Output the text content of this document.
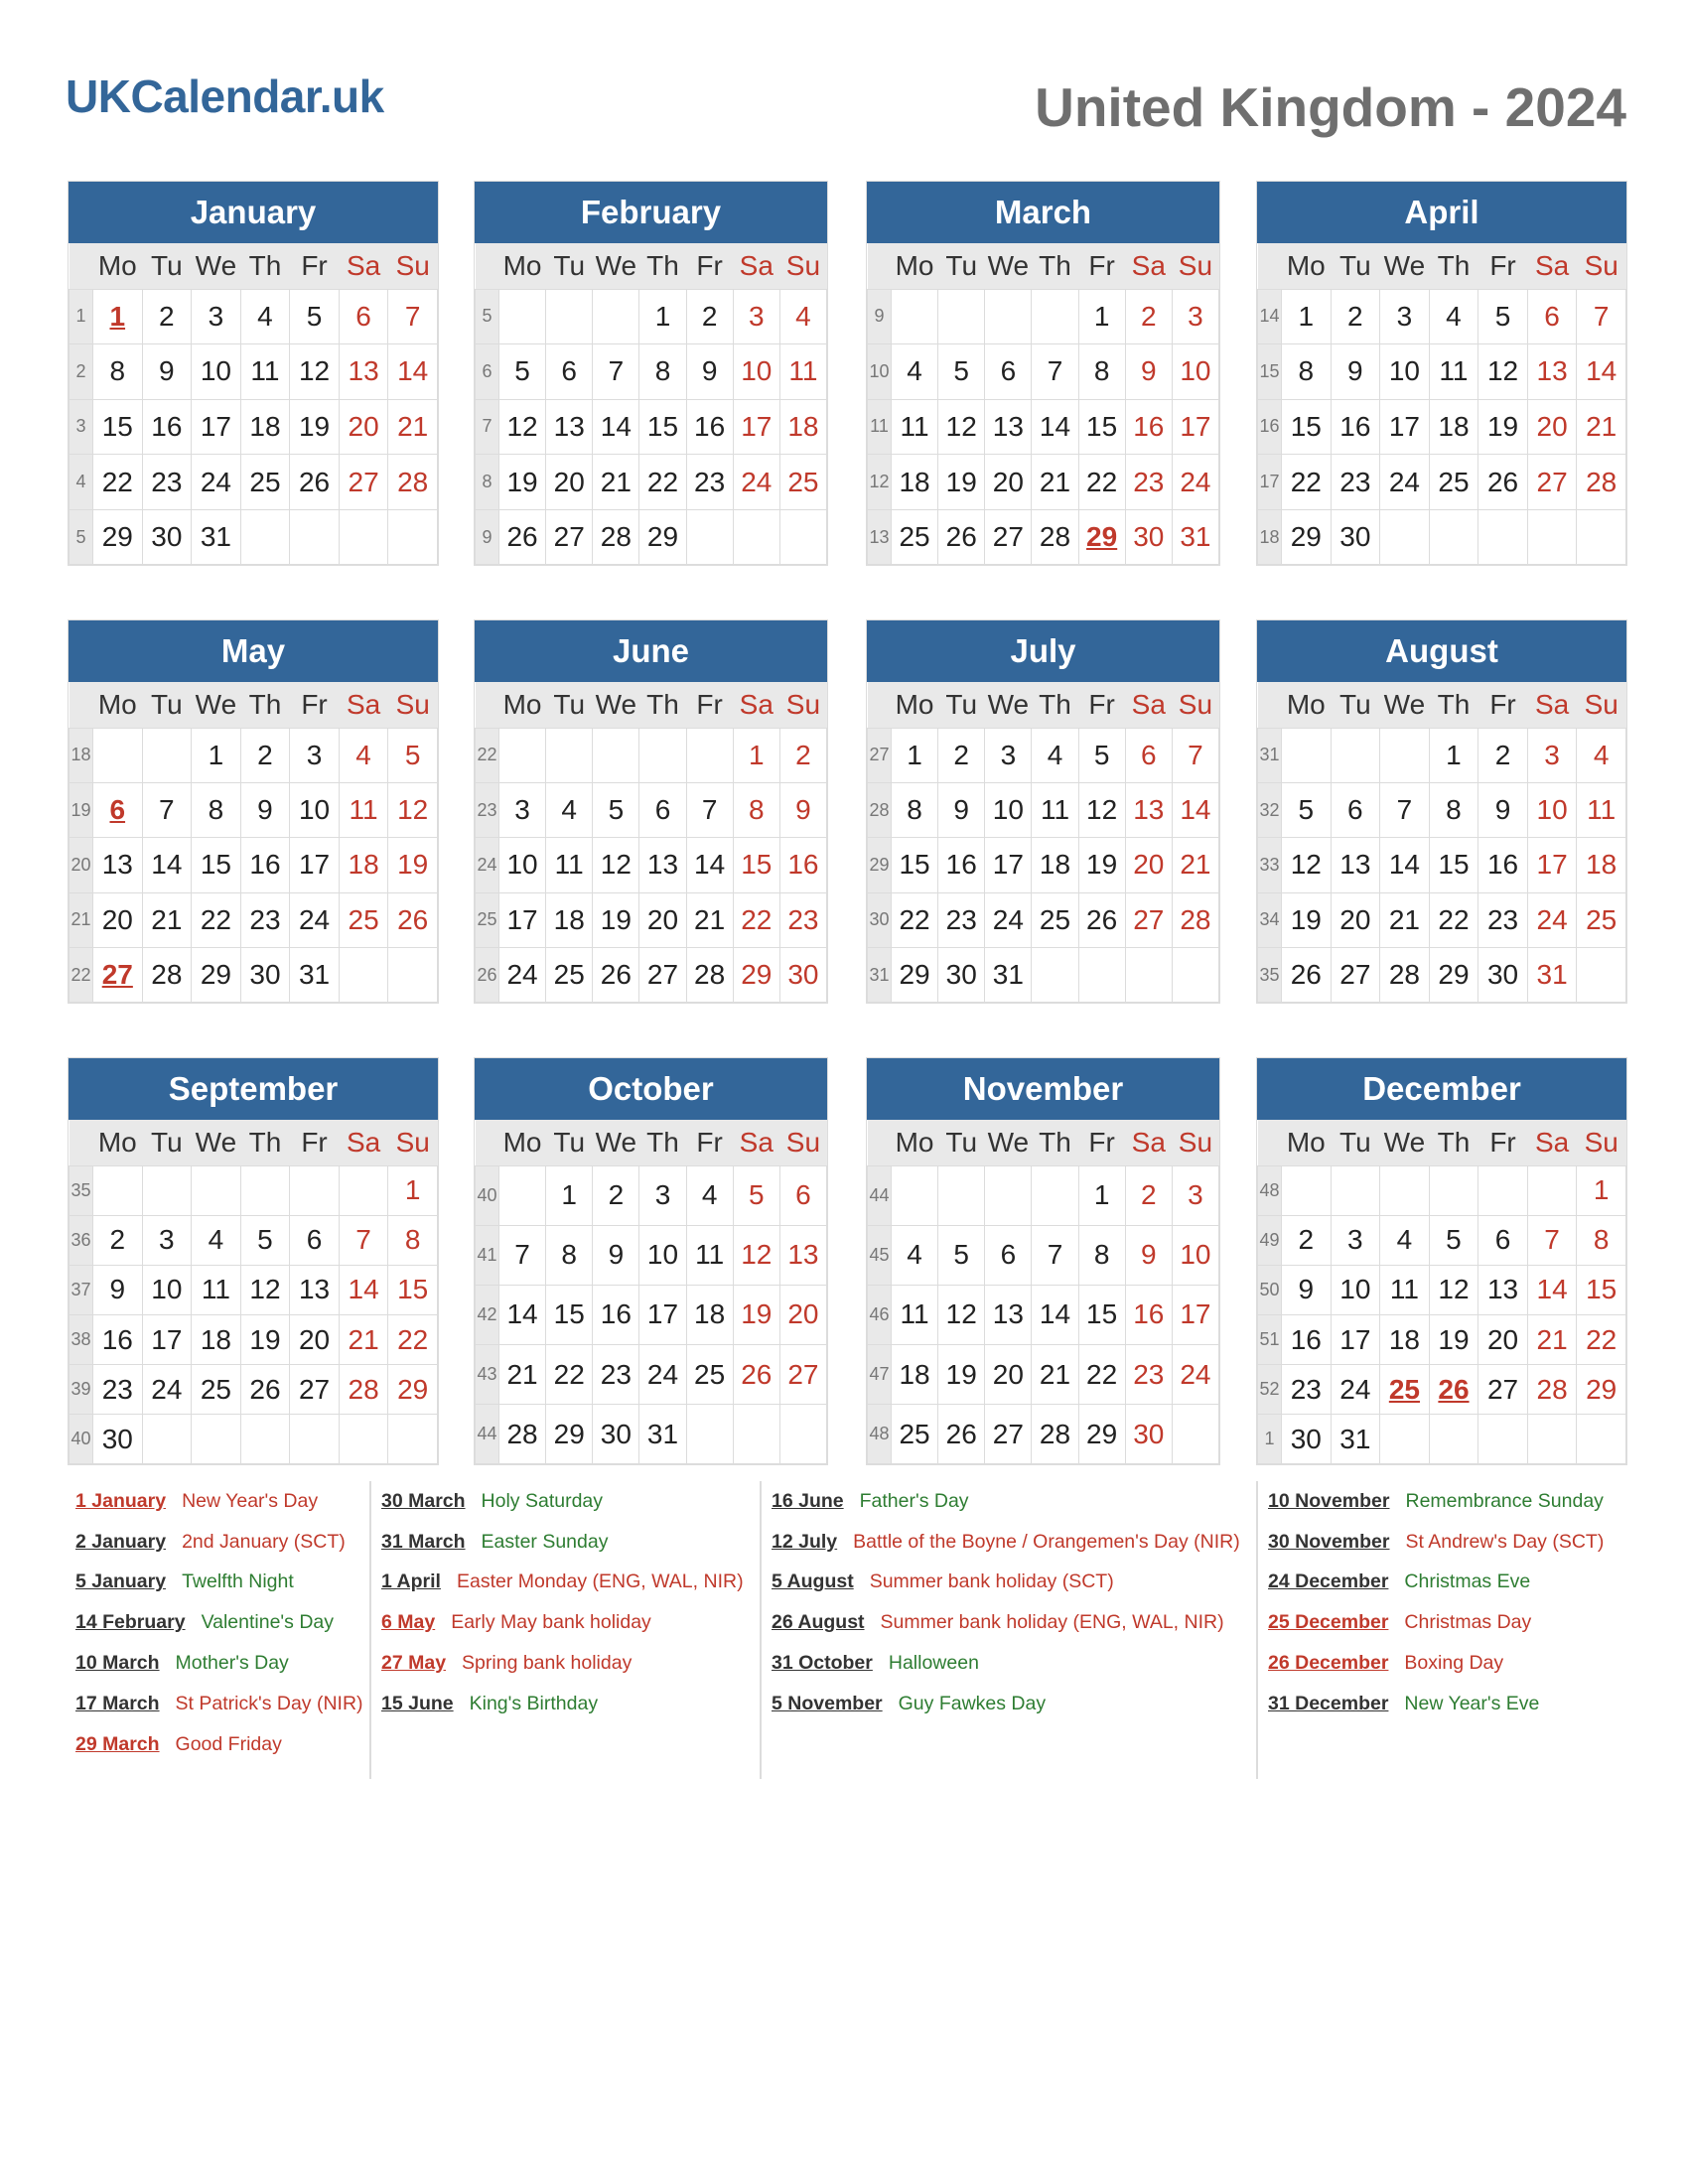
UKCalendar.uk	United Kingdom - 2024
January
	Mo	Tu	We	Th	Fr	Sa	Su
1	1	2	3	4	5	6	7
2	8	9	10	11	12	13	14
3	15	16	17	18	19	20	21
4	22	23	24	25	26	27	28
5	29	30	31				
February
	Mo	Tu	We	Th	Fr	Sa	Su
5				1	2	3	4
6	5	6	7	8	9	10	11
7	12	13	14	15	16	17	18
8	19	20	21	22	23	24	25
9	26	27	28	29			
March
	Mo	Tu	We	Th	Fr	Sa	Su
9					1	2	3
10	4	5	6	7	8	9	10
11	11	12	13	14	15	16	17
12	18	19	20	21	22	23	24
13	25	26	27	28	29	30	31
April
	Mo	Tu	We	Th	Fr	Sa	Su
14	1	2	3	4	5	6	7
15	8	9	10	11	12	13	14
16	15	16	17	18	19	20	21
17	22	23	24	25	26	27	28
18	29	30					
May
	Mo	Tu	We	Th	Fr	Sa	Su
18			1	2	3	4	5
19	6	7	8	9	10	11	12
20	13	14	15	16	17	18	19
21	20	21	22	23	24	25	26
22	27	28	29	30	31		
June
	Mo	Tu	We	Th	Fr	Sa	Su
22						1	2
23	3	4	5	6	7	8	9
24	10	11	12	13	14	15	16
25	17	18	19	20	21	22	23
26	24	25	26	27	28	29	30
July
	Mo	Tu	We	Th	Fr	Sa	Su
27	1	2	3	4	5	6	7
28	8	9	10	11	12	13	14
29	15	16	17	18	19	20	21
30	22	23	24	25	26	27	28
31	29	30	31				
August
	Mo	Tu	We	Th	Fr	Sa	Su
31				1	2	3	4
32	5	6	7	8	9	10	11
33	12	13	14	15	16	17	18
34	19	20	21	22	23	24	25
35	26	27	28	29	30	31	
September
	Mo	Tu	We	Th	Fr	Sa	Su
35							1
36	2	3	4	5	6	7	8
37	9	10	11	12	13	14	15
38	16	17	18	19	20	21	22
39	23	24	25	26	27	28	29
40	30						
October
	Mo	Tu	We	Th	Fr	Sa	Su
40		1	2	3	4	5	6
41	7	8	9	10	11	12	13
42	14	15	16	17	18	19	20
43	21	22	23	24	25	26	27
44	28	29	30	31			
November
	Mo	Tu	We	Th	Fr	Sa	Su
44					1	2	3
45	4	5	6	7	8	9	10
46	11	12	13	14	15	16	17
47	18	19	20	21	22	23	24
48	25	26	27	28	29	30	
December
	Mo	Tu	We	Th	Fr	Sa	Su
48							1
49	2	3	4	5	6	7	8
50	9	10	11	12	13	14	15
51	16	17	18	19	20	21	22
52	23	24	25	26	27	28	29
1	30	31					
1 January New Year's Day
2 January 2nd January (SCT)
5 January Twelfth Night
14 February Valentine's Day
10 March Mother's Day
17 March St Patrick's Day (NIR)
29 March Good Friday
30 March Holy Saturday
31 March Easter Sunday
1 April Easter Monday (ENG, WAL, NIR)
6 May Early May bank holiday
27 May Spring bank holiday
15 June King's Birthday
16 June Father's Day
12 July Battle of the Boyne / Orangemen's Day (NIR)
5 August Summer bank holiday (SCT)
26 August Summer bank holiday (ENG, WAL, NIR)
31 October Halloween
5 November Guy Fawkes Day
10 November Remembrance Sunday
30 November St Andrew's Day (SCT)
24 December Christmas Eve
25 December Christmas Day
26 December Boxing Day
31 December New Year's Eve
